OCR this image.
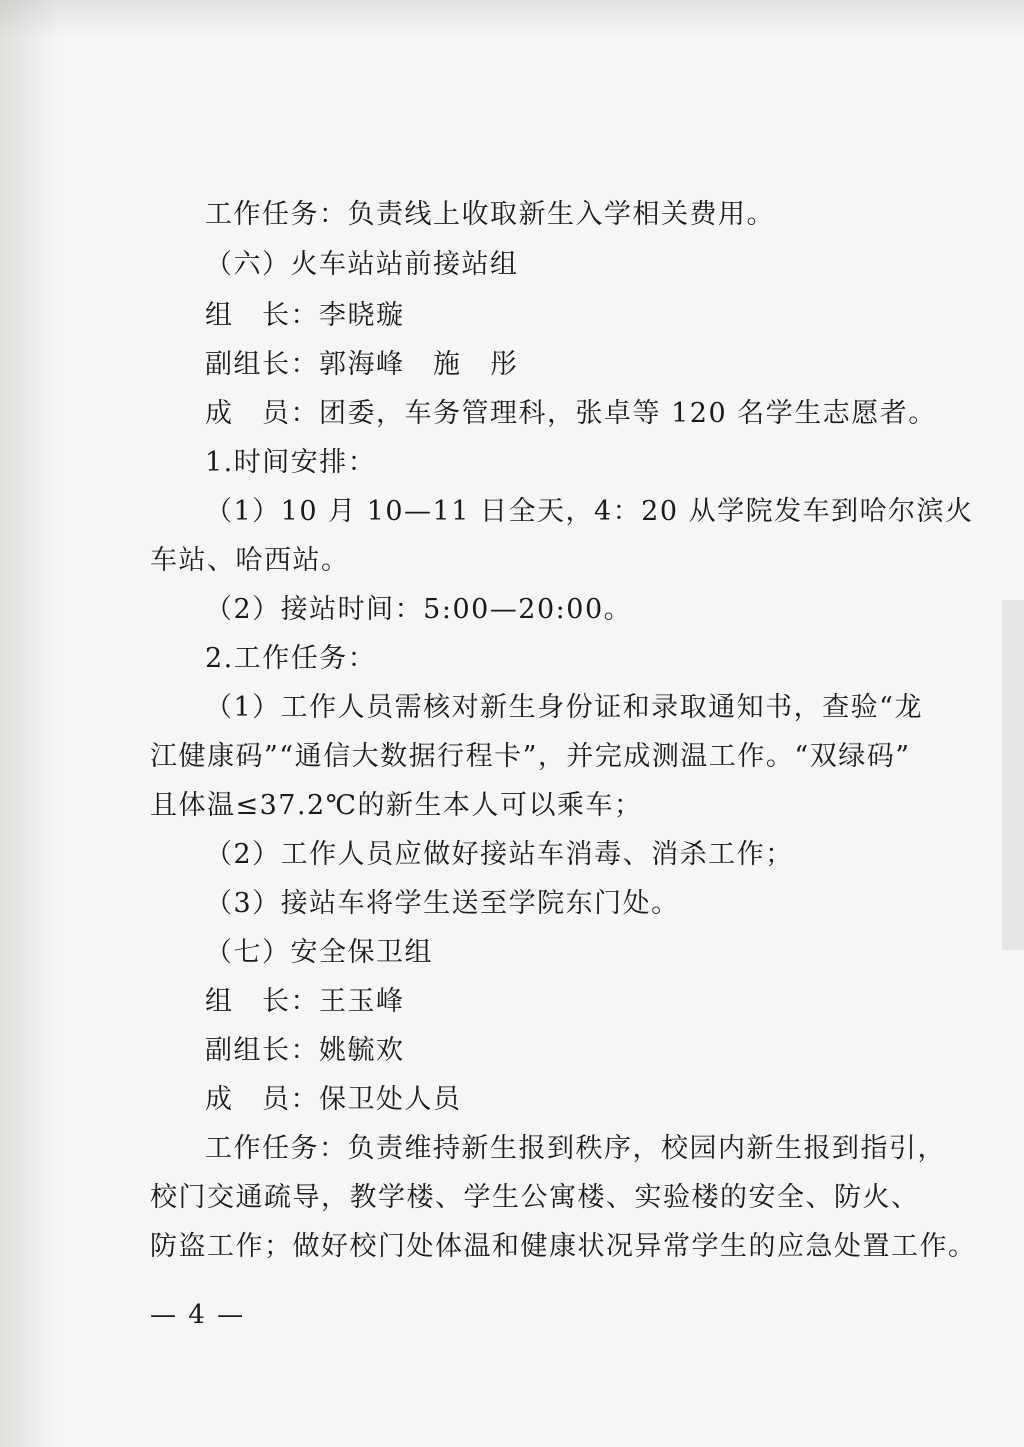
工作任务：负责线上收取新生入学相关费用。
（六）火车站站前接站组
组　长：李晓璇
副组长：郭海峰　施　彤
成　员：团委，车务管理科，张卓等 120 名学生志愿者。
1.时间安排：
（1）10 月 10—11 日全天，4：20 从学院发车到哈尔滨火
车站、哈西站。
（2）接站时间：5:00—20:00。
2.工作任务：
（1）工作人员需核对新生身份证和录取通知书，查验“龙
江健康码”“通信大数据行程卡”，并完成测温工作。“双绿码”
且体温≤37.2℃的新生本人可以乘车；
（2）工作人员应做好接站车消毒、消杀工作；
（3）接站车将学生送至学院东门处。
（七）安全保卫组
组　长：王玉峰
副组长：姚毓欢
成　员：保卫处人员
工作任务：负责维持新生报到秩序，校园内新生报到指引，
校门交通疏导，教学楼、学生公寓楼、实验楼的安全、防火、
防盗工作；做好校门处体温和健康状况异常学生的应急处置工作。
— 4 —
